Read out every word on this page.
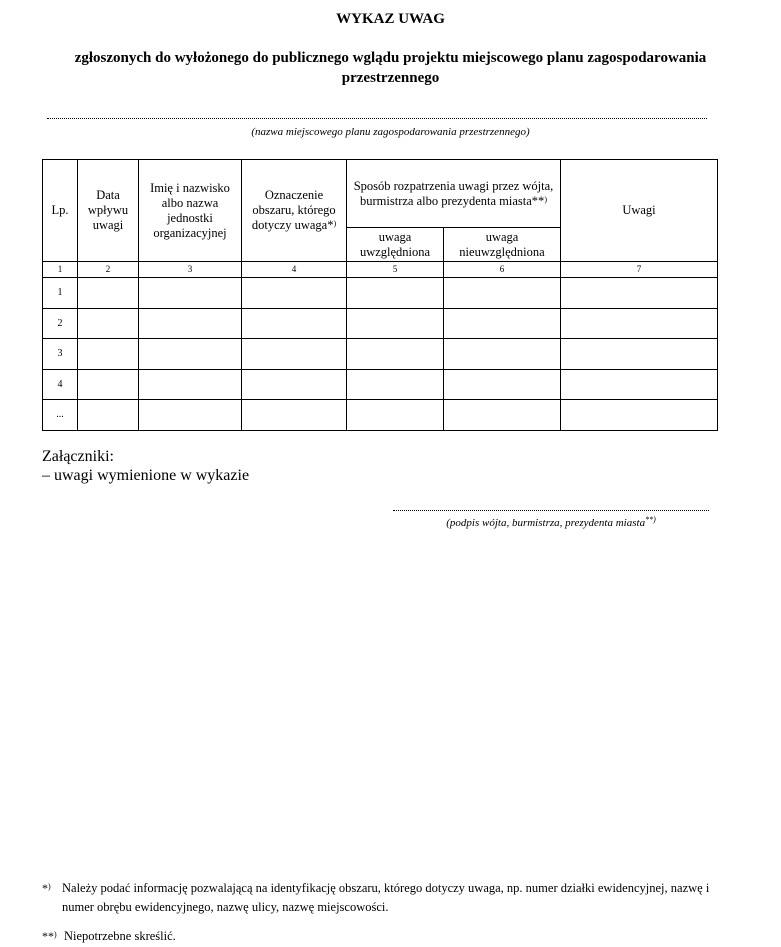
WYKAZ UWAG
zgłoszonych do wyłożonego do publicznego wglądu projektu miejscowego planu zagospodarowania przestrzennego
(nazwa miejscowego planu zagospodarowania przestrzennego)
Lp.	Data wpływu uwagi	Imię i nazwisko albo nazwa jednostki organizacyjnej	Oznaczenie obszaru, którego dotyczy uwaga*)	Sposób rozpatrzenia uwagi przez wójta, burmistrza albo prezydenta miasta**)		Uwagi
				uwaga uwzględniona	uwaga nieuwzględniona	
1	2	3	4	5	6	7
1						
2						
3						
4						
...						
Załączniki:
– uwagi wymienione w wykazie
(podpis wójta, burmistrza, prezydenta miasta**)
*) Należy podać informację pozwalającą na identyfikację obszaru, którego dotyczy uwaga, np. numer działki ewidencyjnej, nazwę i numer obrębu ewidencyjnego, nazwę ulicy, nazwę miejscowości.
**) Niepotrzebne skreślić.
